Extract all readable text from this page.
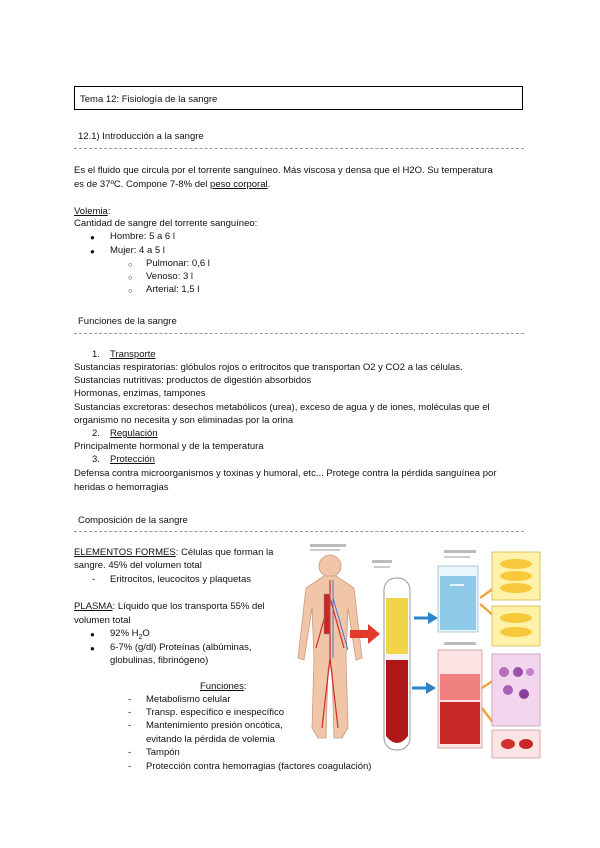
Tema 12: Fisiología de la sangre
12.1) Introducción a la sangre
Es el fluido que circula por el torrente sanguíneo. Más viscosa y densa que el H2O. Su temperatura
es de 37ºC. Compone 7-8% del peso corporal.
Volemia:
Cantidad de sangre del torrente sanguíneo:
● Hombre: 5 a 6 l
● Mujer: 4 a 5 l
○ Pulmonar: 0,6 l
○ Venoso: 3 l
○ Arterial: 1,5 l
Funciones de la sangre
1. Transporte
Sustancias respiratorias: glóbulos rojos o eritrocitos que transportan O2 y CO2 a las células.
Sustancias nutritivas: productos de digestión absorbidos
Hormonas, enzimas, tampones
Sustancias excretoras: desechos metabólicos (urea), exceso de agua y de iones, moléculas que el
organismo no necesita y son eliminadas por la orina
2. Regulación
Principalmente hormonal y de la temperatura
3. Protección
Defensa contra microorganismos y toxinas y humoral, etc... Protege contra la pérdida sanguínea por
heridas o hemorragias
Composición de la sangre
ELEMENTOS FORMES: Células que forman la
sangre. 45% del volumen total
- Eritrocitos, leucocitos y plaquetas
PLASMA: Líquido que los transporta 55% del
volumen total
● 92% $H_2O$
● 6-7% (g/dl) Proteínas (albúminas,
globulinas, fibrinógeno)
Funciones:
- Metabolismo celular
- Transp. específico e inespecífico
- Mantenimiento presión oncótica,
evitando la pérdida de volemia
- Tampón
- Protección contra hemorragias (factores coagulación)
